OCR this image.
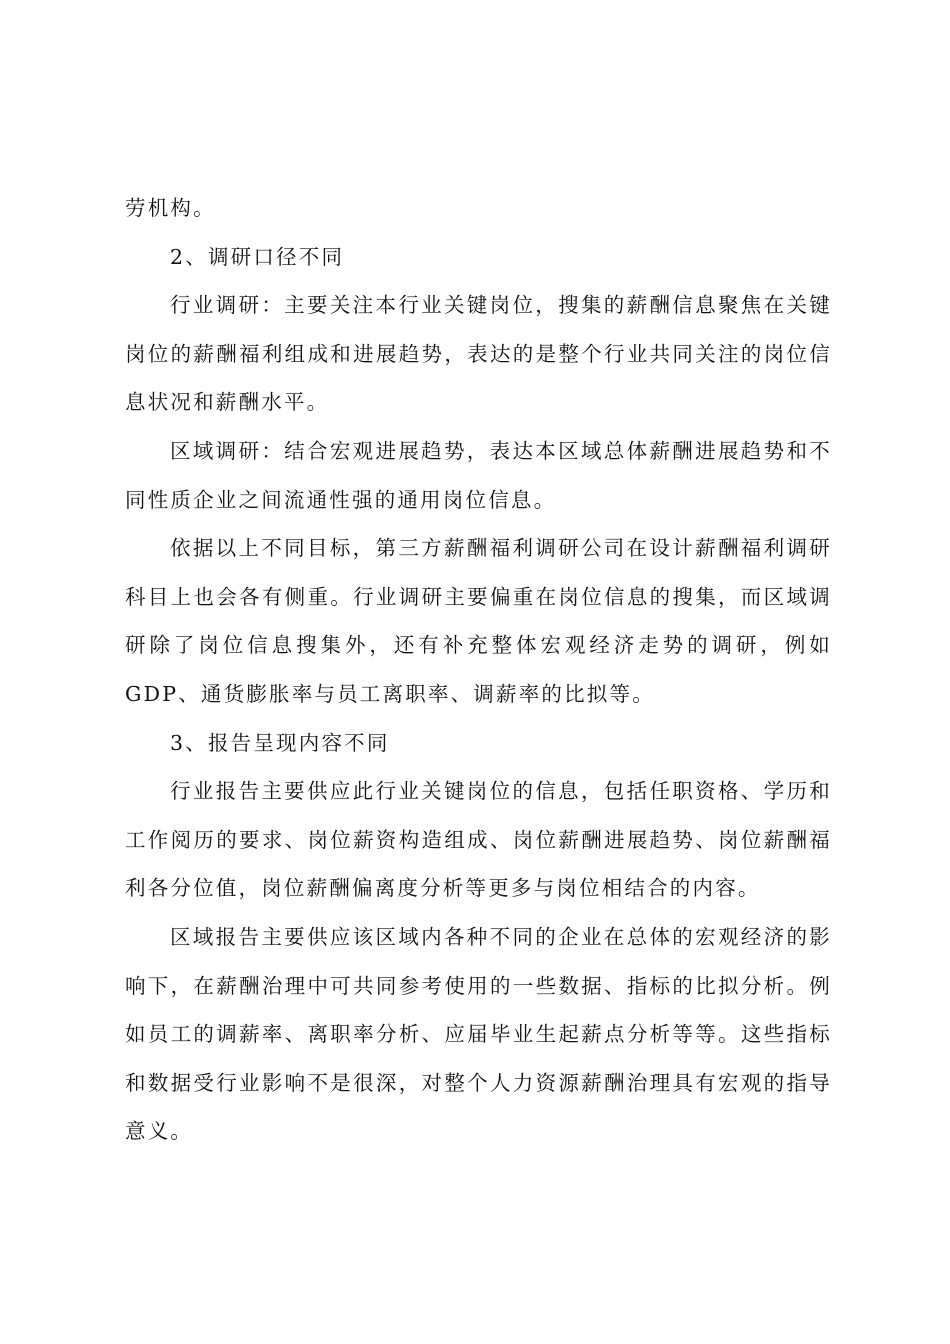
劳机构。

2、调研口径不同

行业调研：主要关注本行业关键岗位，搜集的薪酬信息聚焦在关键岗位的薪酬福利组成和进展趋势，表达的是整个行业共同关注的岗位信息状况和薪酬水平。

区域调研：结合宏观进展趋势，表达本区域总体薪酬进展趋势和不同性质企业之间流通性强的通用岗位信息。

依据以上不同目标，第三方薪酬福利调研公司在设计薪酬福利调研科目上也会各有侧重。行业调研主要偏重在岗位信息的搜集，而区域调研除了岗位信息搜集外，还有补充整体宏观经济走势的调研，例如GDP、通货膨胀率与员工离职率、调薪率的比拟等。

3、报告呈现内容不同

行业报告主要供应此行业关键岗位的信息，包括任职资格、学历和工作阅历的要求、岗位薪资构造组成、岗位薪酬进展趋势、岗位薪酬福利各分位值，岗位薪酬偏离度分析等更多与岗位相结合的内容。

区域报告主要供应该区域内各种不同的企业在总体的宏观经济的影响下，在薪酬治理中可共同参考使用的一些数据、指标的比拟分析。例如员工的调薪率、离职率分析、应届毕业生起薪点分析等等。这些指标和数据受行业影响不是很深，对整个人力资源薪酬治理具有宏观的指导意义。
